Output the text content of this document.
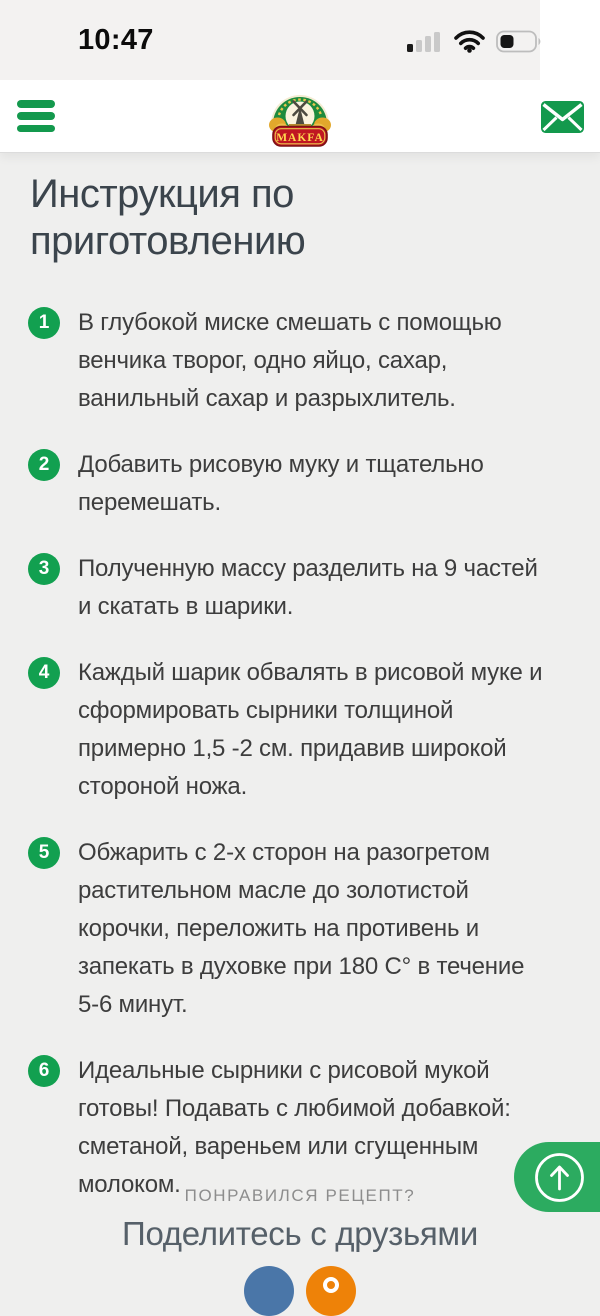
10:47
MAKFA
Инструкция по приготовлению
1	В глубокой миске смешать с помощью венчика творог, одно яйцо, сахар, ванильный сахар и разрыхлитель.
2	Добавить рисовую муку и тщательно перемешать.
3	Полученную массу разделить на 9 частей и скатать в шарики.
4	Каждый шарик обвалять в рисовой муке и сформировать сырники толщиной примерно 1,5 -2 см. придавив широкой стороной ножа.
5	Обжарить с 2-х сторон на разогретом растительном масле до золотистой корочки, переложить на противень и запекать в духовке при 180 С° в течение 5-6 минут.
6	Идеальные сырники с рисовой мукой готовы! Подавать с любимой добавкой: сметаной, вареньем или сгущенным молоком. ПОНРАВИЛСЯ РЕЦЕПТ?
Поделитесь с друзьями
